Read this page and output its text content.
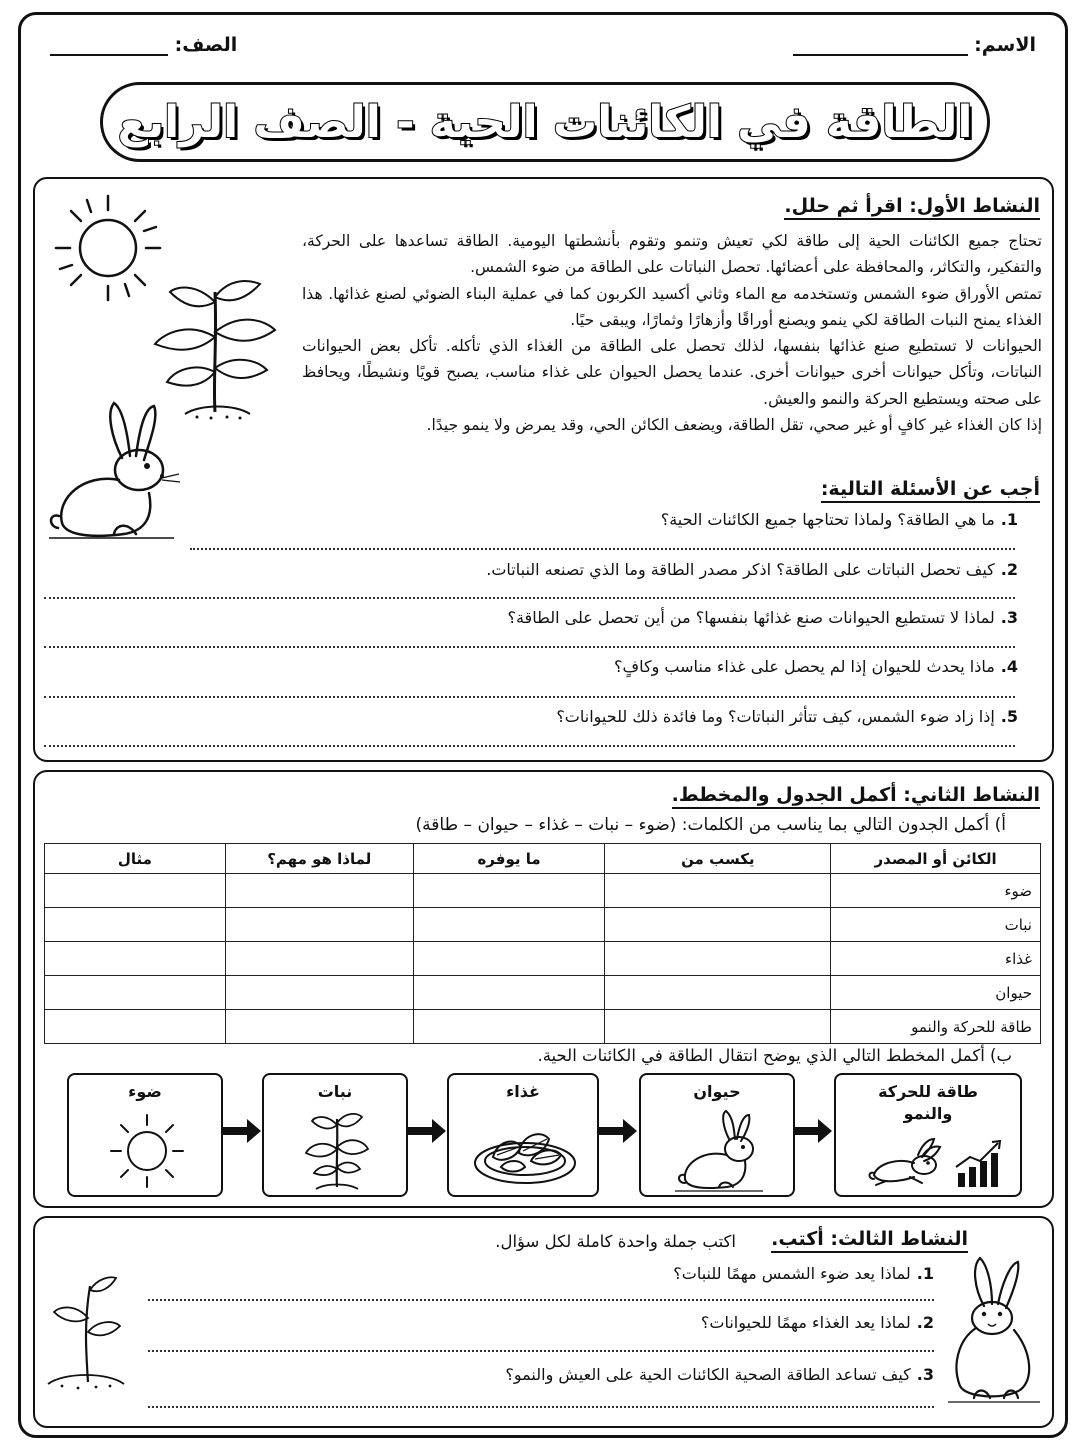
الاسم:
الصف:
الطاقة في الكائنات الحية - الصف الرابع
النشاط الأول: اقرأ ثم حلل.

تحتاج جميع الكائنات الحية إلى طاقة لكي تعيش وتنمو وتقوم بأنشطتها اليومية. الطاقة تساعدها على الحركة، والتفكير، والتكاثر، والمحافظة على أعضائها. تحصل النباتات على الطاقة من ضوء الشمس.

تمتص الأوراق ضوء الشمس وتستخدمه مع الماء وثاني أكسيد الكربون كما في عملية البناء الضوئي لصنع غذائها. هذا الغذاء يمنح النبات الطاقة لكي ينمو ويصنع أوراقًا وأزهارًا وثمارًا، ويبقى حيًا.

الحيوانات لا تستطيع صنع غذائها بنفسها، لذلك تحصل على الطاقة من الغذاء الذي تأكله. تأكل بعض الحيوانات النباتات، وتأكل حيوانات أخرى حيوانات أخرى. عندما يحصل الحيوان على غذاء مناسب، يصبح قويًا ونشيطًا، ويحافظ على صحته ويستطيع الحركة والنمو والعيش.

إذا كان الغذاء غير كافٍ أو غير صحي، تقل الطاقة، ويضعف الكائن الحي، وقد يمرض ولا ينمو جيدًا.

أجب عن الأسئلة التالية:
1.ما هي الطاقة؟ ولماذا تحتاجها جميع الكائنات الحية؟
2.كيف تحصل النباتات على الطاقة؟ اذكر مصدر الطاقة وما الذي تصنعه النباتات.
3.لماذا لا تستطيع الحيوانات صنع غذائها بنفسها؟ من أين تحصل على الطاقة؟
4.ماذا يحدث للحيوان إذا لم يحصل على غذاء مناسب وكافٍ؟
5.إذا زاد ضوء الشمس، كيف تتأثر النباتات؟ وما فائدة ذلك للحيوانات؟
النشاط الثاني: أكمل الجدول والمخطط.
أ) أكمل الجدون التالي بما يناسب من الكلمات: (ضوء – نبات – غذاء – حيوان – طاقة)
الكائن أو المصدر	يكسب من	ما يوفره	لماذا هو مهم؟	مثال
ضوء				
نبات				
غذاء				
حيوان				
طاقة للحركة والنمو				
ب) أكمل المخطط التالي الذي يوضح انتقال الطاقة في الكائنات الحية.
طاقة للحركة والنمو
حيوان
غذاء
نبات
ضوء
النشاط الثالث: أكتب.
اكتب جملة واحدة كاملة لكل سؤال.
1.لماذا يعد ضوء الشمس مهمًا للنبات؟
2.لماذا يعد الغذاء مهمًا للحيوانات؟
3.كيف تساعد الطاقة الصحية الكائنات الحية على العيش والنمو؟
